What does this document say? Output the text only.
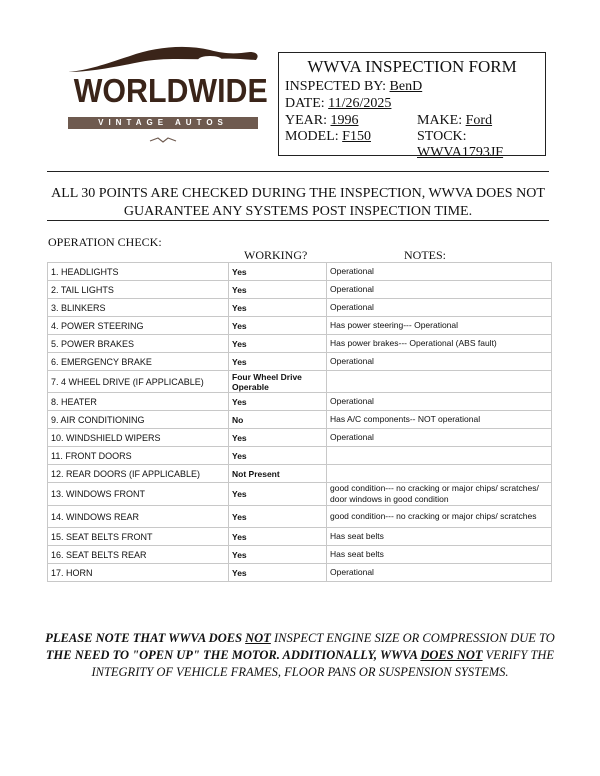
WORLDWIDE
VINTAGE AUTOS
WWVA INSPECTION FORM
INSPECTED BY: BenD
DATE: 11/26/2025
YEAR: 1996	MAKE: Ford
MODEL: F150	STOCK:
WWVA1793JF
ALL 30 POINTS ARE CHECKED DURING THE INSPECTION, WWVA DOES NOT
GUARANTEE ANY SYSTEMS POST INSPECTION TIME.
OPERATION CHECK:
WORKING?	NOTES:
1. HEADLIGHTS	Yes	Operational
2. TAIL LIGHTS	Yes	Operational
3. BLINKERS	Yes	Operational
4. POWER STEERING	Yes	Has power steering--- Operational
5. POWER BRAKES	Yes	Has power brakes--- Operational (ABS fault)
6. EMERGENCY BRAKE	Yes	Operational
7. 4 WHEEL DRIVE (IF APPLICABLE)	Four Wheel Drive Operable	
8. HEATER	Yes	Operational
9. AIR CONDITIONING	No	Has A/C components-- NOT operational
10. WINDSHIELD WIPERS	Yes	Operational
11. FRONT DOORS	Yes	
12. REAR DOORS (IF APPLICABLE)	Not Present	
13. WINDOWS FRONT	Yes	good condition--- no cracking or major chips/ scratches/ door windows in good condition
14. WINDOWS REAR	Yes	good condition--- no cracking or major chips/ scratches
15. SEAT BELTS FRONT	Yes	Has seat belts
16. SEAT BELTS REAR	Yes	Has seat belts
17. HORN	Yes	Operational
PLEASE NOTE THAT WWVA DOES NOT INSPECT ENGINE SIZE OR COMPRESSION DUE TO
THE NEED TO "OPEN UP" THE MOTOR. ADDITIONALLY, WWVA DOES NOT VERIFY THE
INTEGRITY OF VEHICLE FRAMES, FLOOR PANS OR SUSPENSION SYSTEMS.
